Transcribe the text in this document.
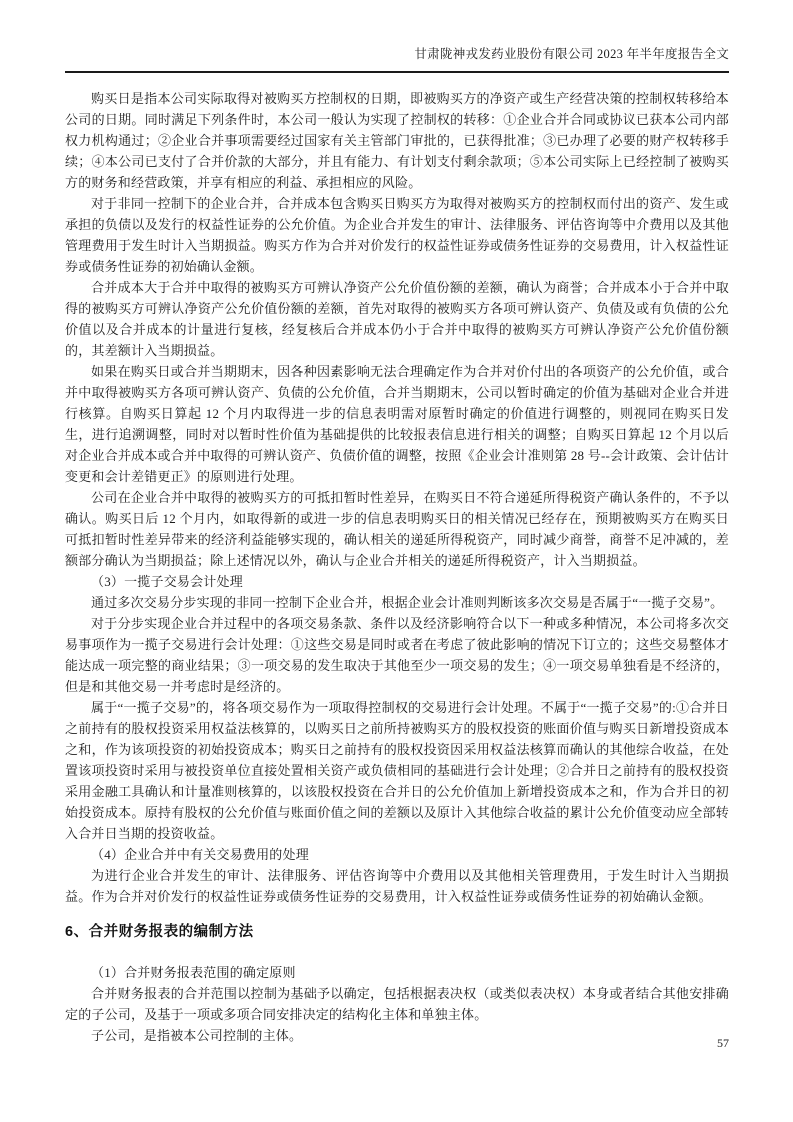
甘肃陇神戎发药业股份有限公司 2023 年半年度报告全文

购买日是指本公司实际取得对被购买方控制权的日期，即被购买方的净资产或生产经营决策的控制权转移给本公司的日期。同时满足下列条件时，本公司一般认为实现了控制权的转移：①企业合并合同或协议已获本公司内部权力机构通过；②企业合并事项需要经过国家有关主管部门审批的，已获得批准；③已办理了必要的财产权转移手续；④本公司已支付了合并价款的大部分，并且有能力、有计划支付剩余款项；⑤本公司实际上已经控制了被购买方的财务和经营政策，并享有相应的利益、承担相应的风险。

对于非同一控制下的企业合并，合并成本包含购买日购买方为取得对被购买方的控制权而付出的资产、发生或承担的负债以及发行的权益性证券的公允价值。为企业合并发生的审计、法律服务、评估咨询等中介费用以及其他管理费用于发生时计入当期损益。购买方作为合并对价发行的权益性证券或债务性证券的交易费用，计入权益性证券或债务性证券的初始确认金额。

合并成本大于合并中取得的被购买方可辨认净资产公允价值份额的差额，确认为商誉；合并成本小于合并中取得的被购买方可辨认净资产公允价值份额的差额，首先对取得的被购买方各项可辨认资产、负债及或有负债的公允价值以及合并成本的计量进行复核，经复核后合并成本仍小于合并中取得的被购买方可辨认净资产公允价值份额的，其差额计入当期损益。

如果在购买日或合并当期期末，因各种因素影响无法合理确定作为合并对价付出的各项资产的公允价值，或合并中取得被购买方各项可辨认资产、负债的公允价值，合并当期期末，公司以暂时确定的价值为基础对企业合并进行核算。自购买日算起 12 个月内取得进一步的信息表明需对原暂时确定的价值进行调整的，则视同在购买日发生，进行追溯调整，同时对以暂时性价值为基础提供的比较报表信息进行相关的调整；自购买日算起 12 个月以后对企业合并成本或合并中取得的可辨认资产、负债价值的调整，按照《企业会计准则第 28 号--会计政策、会计估计变更和会计差错更正》的原则进行处理。

公司在企业合并中取得的被购买方的可抵扣暂时性差异，在购买日不符合递延所得税资产确认条件的，不予以确认。购买日后 12 个月内，如取得新的或进一步的信息表明购买日的相关情况已经存在，预期被购买方在购买日可抵扣暂时性差异带来的经济利益能够实现的，确认相关的递延所得税资产，同时减少商誉，商誉不足冲减的，差额部分确认为当期损益；除上述情况以外，确认与企业合并相关的递延所得税资产，计入当期损益。

（3）一揽子交易会计处理

通过多次交易分步实现的非同一控制下企业合并，根据企业会计准则判断该多次交易是否属于“一揽子交易”。

对于分步实现企业合并过程中的各项交易条款、条件以及经济影响符合以下一种或多种情况，本公司将多次交易事项作为一揽子交易进行会计处理：①这些交易是同时或者在考虑了彼此影响的情况下订立的；这些交易整体才能达成一项完整的商业结果；③一项交易的发生取决于其他至少一项交易的发生；④一项交易单独看是不经济的，但是和其他交易一并考虑时是经济的。

属于“一揽子交易”的，将各项交易作为一项取得控制权的交易进行会计处理。不属于“一揽子交易”的:①合并日之前持有的股权投资采用权益法核算的，以购买日之前所持被购买方的股权投资的账面价值与购买日新增投资成本之和，作为该项投资的初始投资成本；购买日之前持有的股权投资因采用权益法核算而确认的其他综合收益，在处置该项投资时采用与被投资单位直接处置相关资产或负债相同的基础进行会计处理；②合并日之前持有的股权投资采用金融工具确认和计量准则核算的，以该股权投资在合并日的公允价值加上新增投资成本之和，作为合并日的初始投资成本。原持有股权的公允价值与账面价值之间的差额以及原计入其他综合收益的累计公允价值变动应全部转入合并日当期的投资收益。

（4）企业合并中有关交易费用的处理

为进行企业合并发生的审计、法律服务、评估咨询等中介费用以及其他相关管理费用，于发生时计入当期损益。作为合并对价发行的权益性证券或债务性证券的交易费用，计入权益性证券或债务性证券的初始确认金额。

6、合并财务报表的编制方法

（1）合并财务报表范围的确定原则

合并财务报表的合并范围以控制为基础予以确定，包括根据表决权（或类似表决权）本身或者结合其他安排确定的子公司，及基于一项或多项合同安排决定的结构化主体和单独主体。

子公司，是指被本公司控制的主体。	57
